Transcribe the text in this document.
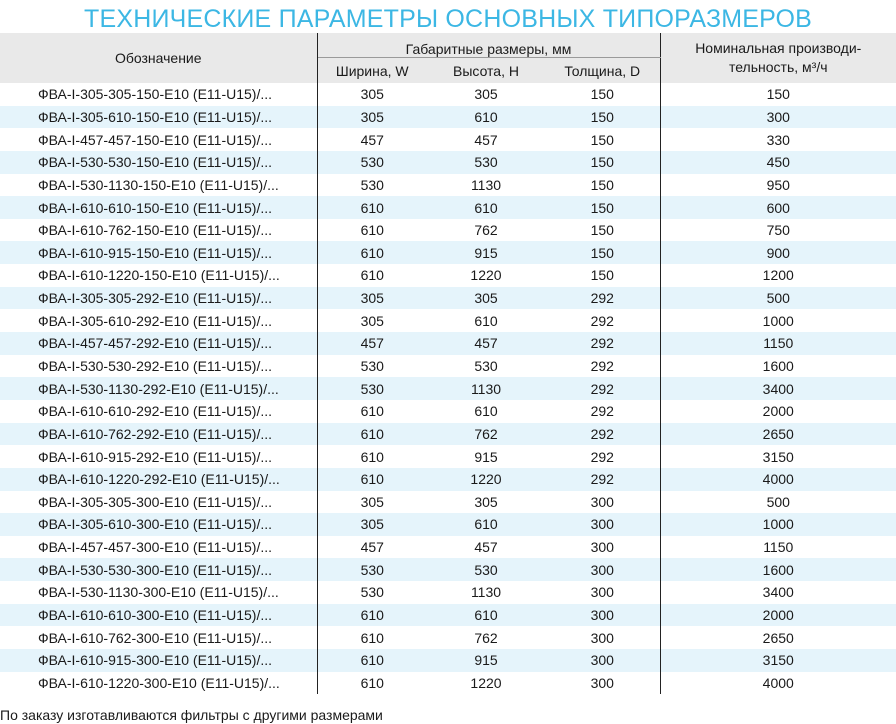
ТЕХНИЧЕСКИЕ ПАРАМЕТРЫ ОСНОВНЫХ ТИПОРАЗМЕРОВ
Обозначение	Габаритные размеры, мм			Номинальная производи-
тельность, м³/ч
	Ширина, W	Высота, H	Толщина, D	
ФВА-I-305-305-150-Е10 (Е11-U15)/...	305	305	150	150
ФВА-I-305-610-150-Е10 (Е11-U15)/...	305	610	150	300
ФВА-I-457-457-150-Е10 (Е11-U15)/...	457	457	150	330
ФВА-I-530-530-150-Е10 (Е11-U15)/...	530	530	150	450
ФВА-I-530-1130-150-Е10 (Е11-U15)/...	530	1130	150	950
ФВА-I-610-610-150-Е10 (Е11-U15)/...	610	610	150	600
ФВА-I-610-762-150-Е10 (Е11-U15)/...	610	762	150	750
ФВА-I-610-915-150-Е10 (Е11-U15)/...	610	915	150	900
ФВА-I-610-1220-150-Е10 (Е11-U15)/...	610	1220	150	1200
ФВА-I-305-305-292-Е10 (Е11-U15)/...	305	305	292	500
ФВА-I-305-610-292-Е10 (Е11-U15)/...	305	610	292	1000
ФВА-I-457-457-292-Е10 (Е11-U15)/...	457	457	292	1150
ФВА-I-530-530-292-Е10 (Е11-U15)/...	530	530	292	1600
ФВА-I-530-1130-292-Е10 (Е11-U15)/...	530	1130	292	3400
ФВА-I-610-610-292-Е10 (Е11-U15)/...	610	610	292	2000
ФВА-I-610-762-292-Е10 (Е11-U15)/...	610	762	292	2650
ФВА-I-610-915-292-Е10 (Е11-U15)/...	610	915	292	3150
ФВА-I-610-1220-292-Е10 (Е11-U15)/...	610	1220	292	4000
ФВА-I-305-305-300-Е10 (Е11-U15)/...	305	305	300	500
ФВА-I-305-610-300-Е10 (Е11-U15)/...	305	610	300	1000
ФВА-I-457-457-300-Е10 (Е11-U15)/...	457	457	300	1150
ФВА-I-530-530-300-Е10 (Е11-U15)/...	530	530	300	1600
ФВА-I-530-1130-300-Е10 (Е11-U15)/...	530	1130	300	3400
ФВА-I-610-610-300-Е10 (Е11-U15)/...	610	610	300	2000
ФВА-I-610-762-300-Е10 (Е11-U15)/...	610	762	300	2650
ФВА-I-610-915-300-Е10 (Е11-U15)/...	610	915	300	3150
ФВА-I-610-1220-300-Е10 (Е11-U15)/...	610	1220	300	4000
По заказу изготавливаются фильтры с другими размерами
